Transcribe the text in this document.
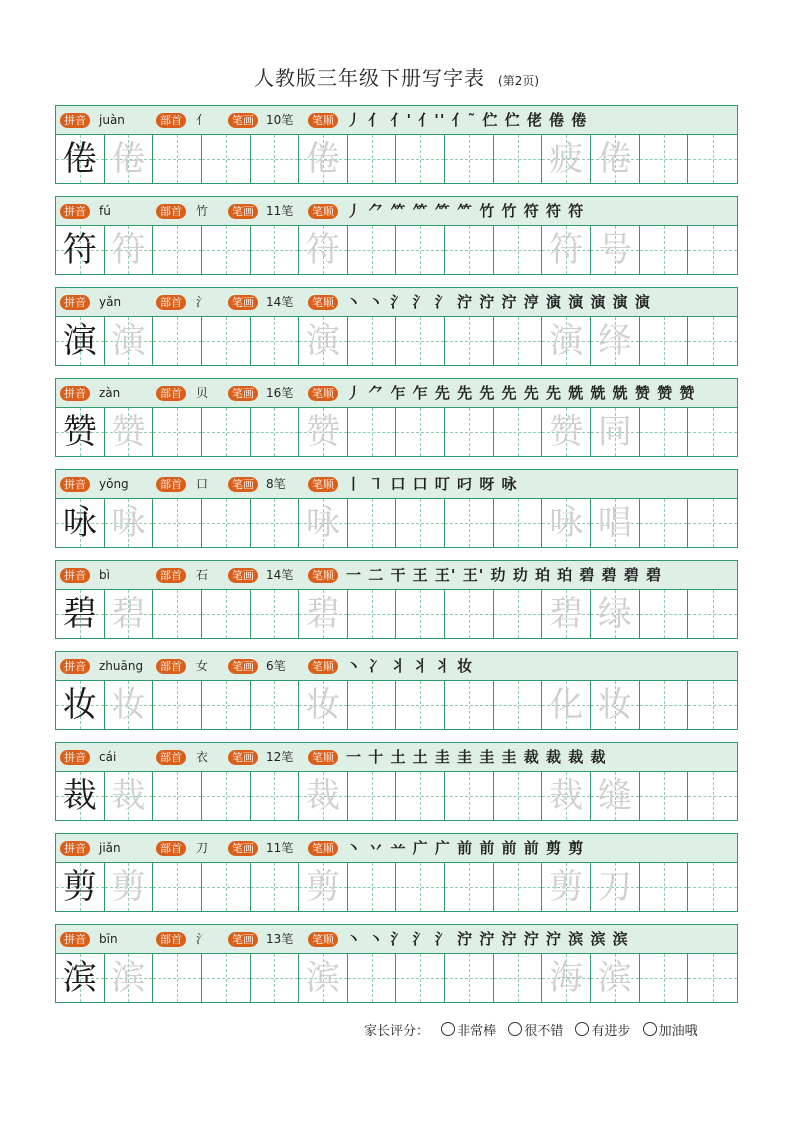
人教版三年级下册写字表 (第2页)
拼音	juàn	部首	亻	笔画	10笔	笔顺 丿 亻 亻' 亻'' 亻˜ 伫 伫 佬 倦 倦
倦 倦	倦	疲 倦
拼音	fú	部首	竹	笔画	11笔	笔顺 丿 ⺈ ⺮ ⺮ ⺮ ⺮ 竹 竹 符 符 符
符 符	符	符 号
拼音	yǎn	部首	氵	笔画	14笔	笔顺 丶 丶 氵 氵 氵 泞 泞 泞 涥 演 演 演 演 演
演 演	演	演 绎
拼音	zàn	部首	贝	笔画	16笔	笔顺 丿 ⺈ 乍 乍 先 先 先 先 先 先 兟 兟 兟 赞 赞 赞
赞 赞	赞	赞 同
拼音	yǒng	部首	口	笔画	8笔	笔顺 丨 ㇕ 口 口 叮 叼 呀 咏
咏 咏	咏	咏 唱
拼音	bì	部首	石	笔画	14笔	笔顺 一 二 干 王 王' 王' 玏 玏 珀 珀 碧 碧 碧 碧
碧 碧	碧	碧 绿
拼音	zhuāng	部首	女	笔画	6笔	笔顺 丶 冫 丬 丬 丬 妆
妆 妆	妆	化 妆
拼音	cái	部首	衣	笔画	12笔	笔顺 一 十 土 土 圭 圭 圭 圭 裁 裁 裁 裁
裁 裁	裁	裁 缝
拼音	jiǎn	部首	刀	笔画	11笔	笔顺 丶 丷 䒑 广 广 前 前 前 前 剪 剪
剪 剪	剪	剪 刀
拼音	bīn	部首	氵	笔画	13笔	笔顺 丶 丶 氵 氵 氵 泞 泞 泞 泞 泞 滨 滨 滨
滨 滨	滨	海 滨
家长评分： 非常棒 很不错 有进步 加油哦
